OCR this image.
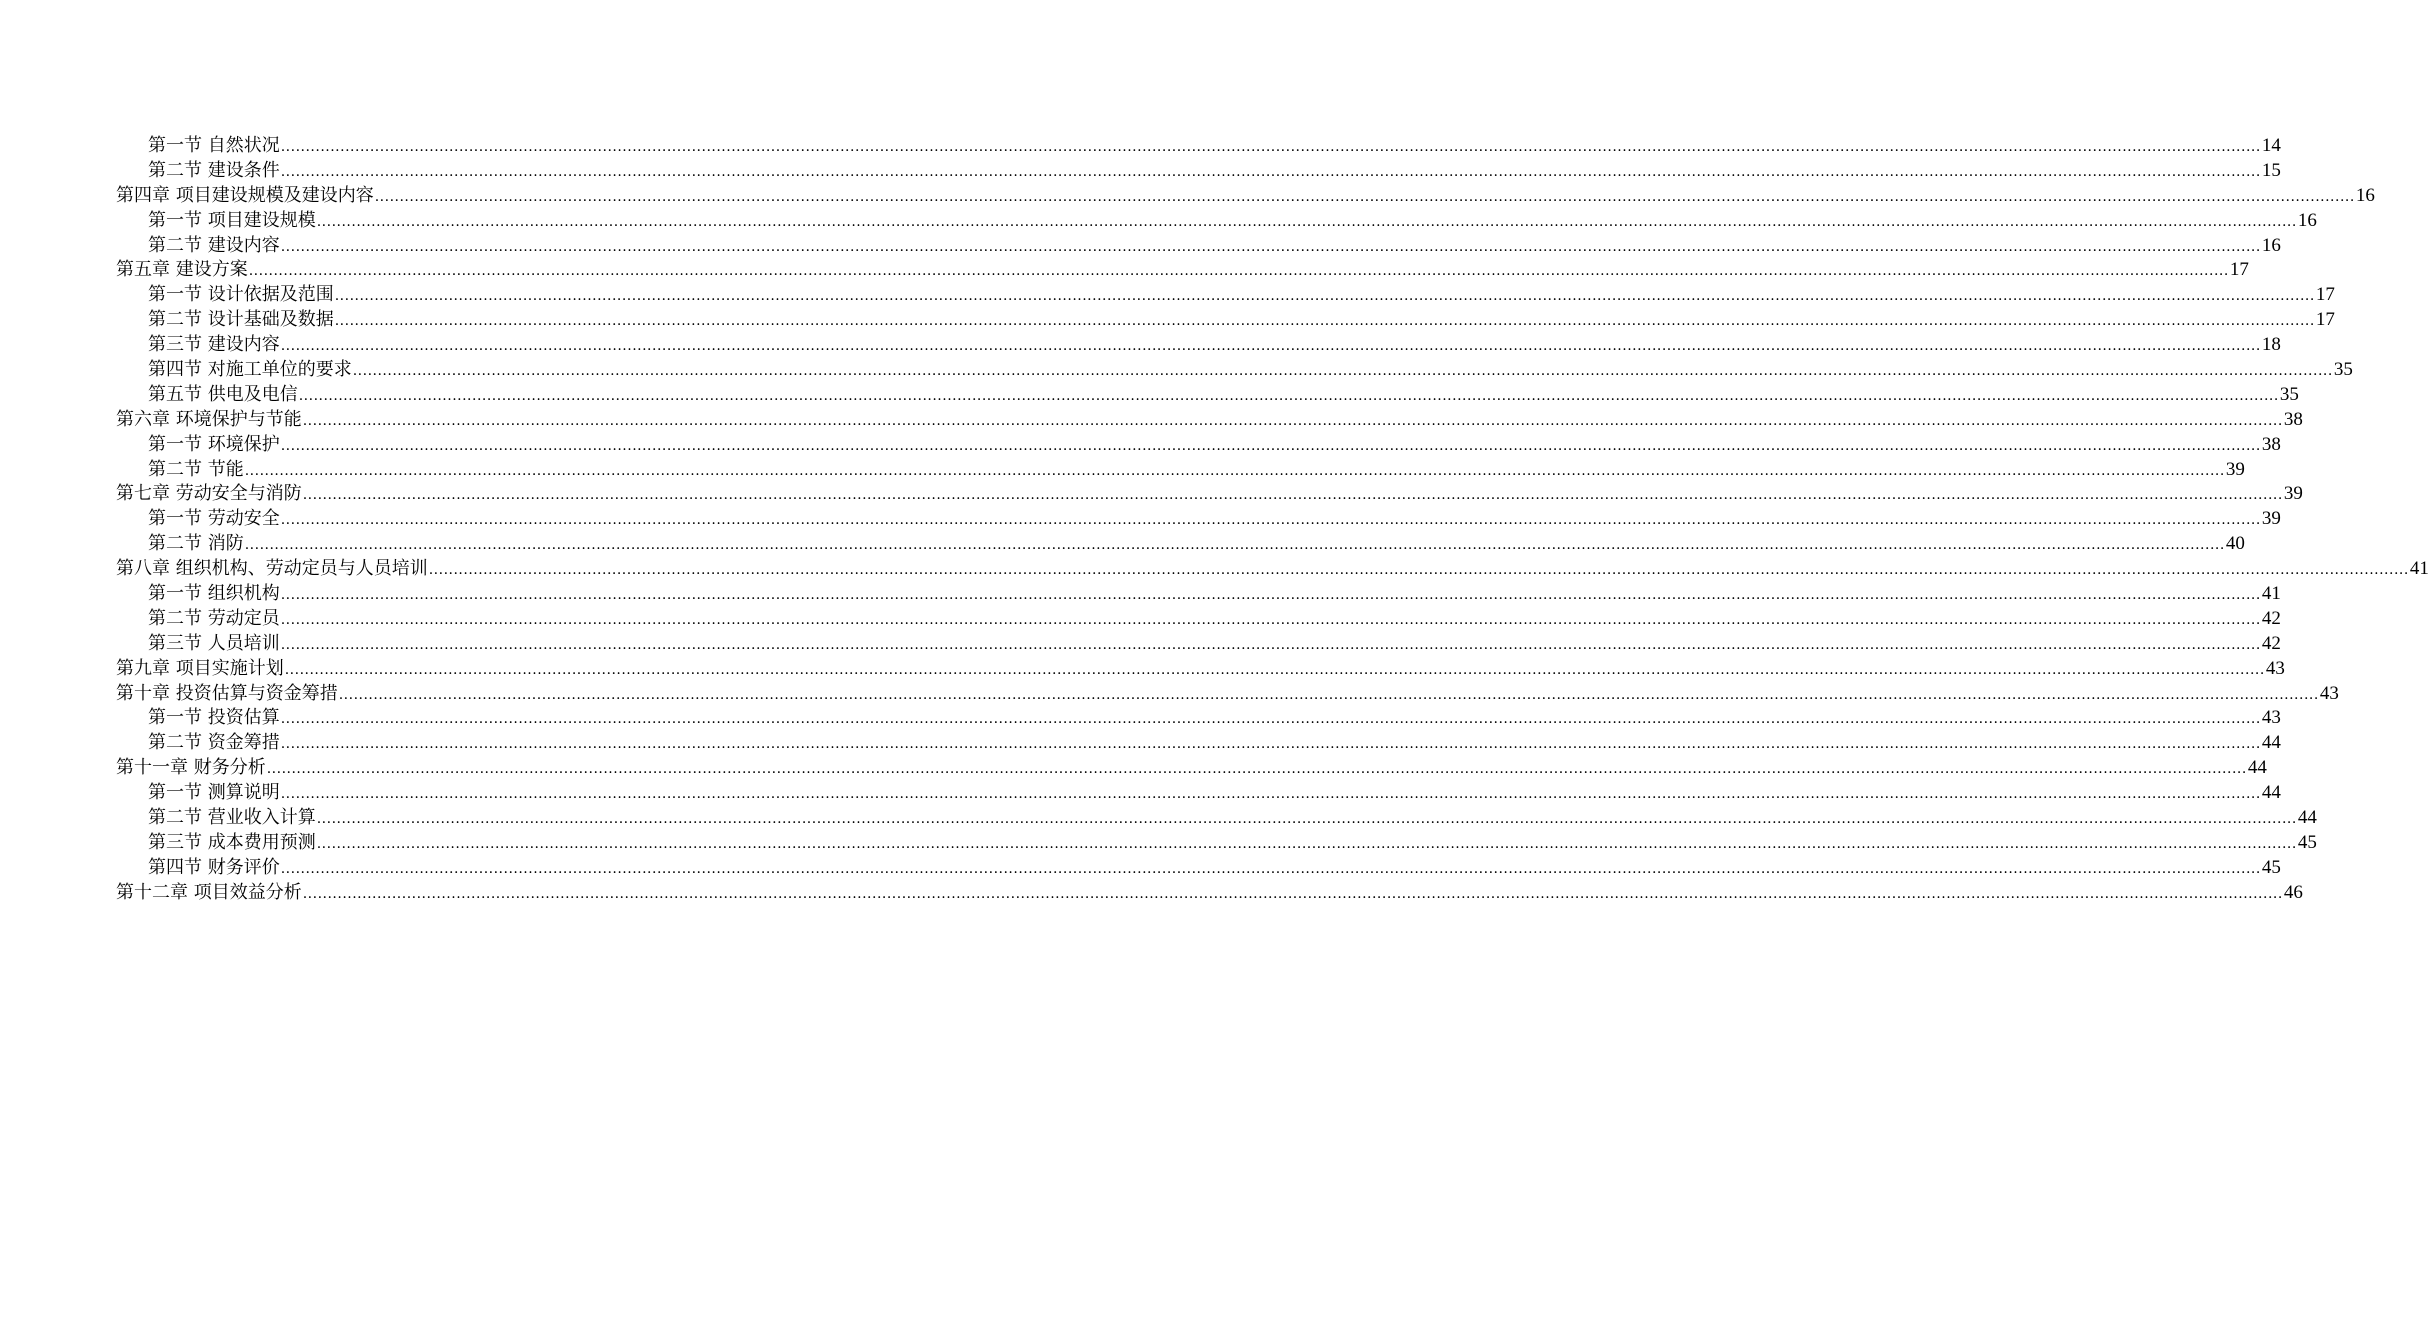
第一节 自然状况 ................................................................................................................................................................................................................................................................................................................................................................................................................ 14
第二节 建设条件 ................................................................................................................................................................................................................................................................................................................................................................................................................ 15
第四章 项目建设规模及建设内容 ................................................................................................................................................................................................................................................................................................................................................................................................................ 16
第一节 项目建设规模 ................................................................................................................................................................................................................................................................................................................................................................................................................ 16
第二节 建设内容 ................................................................................................................................................................................................................................................................................................................................................................................................................ 16
第五章 建设方案 ................................................................................................................................................................................................................................................................................................................................................................................................................ 17
第一节 设计依据及范围 ................................................................................................................................................................................................................................................................................................................................................................................................................ 17
第二节 设计基础及数据 ................................................................................................................................................................................................................................................................................................................................................................................................................ 17
第三节 建设内容 ................................................................................................................................................................................................................................................................................................................................................................................................................ 18
第四节 对施工单位的要求 ................................................................................................................................................................................................................................................................................................................................................................................................................ 35
第五节 供电及电信 ................................................................................................................................................................................................................................................................................................................................................................................................................ 35
第六章 环境保护与节能 ................................................................................................................................................................................................................................................................................................................................................................................................................ 38
第一节 环境保护 ................................................................................................................................................................................................................................................................................................................................................................................................................ 38
第二节 节能 ................................................................................................................................................................................................................................................................................................................................................................................................................ 39
第七章 劳动安全与消防 ................................................................................................................................................................................................................................................................................................................................................................................................................ 39
第一节 劳动安全 ................................................................................................................................................................................................................................................................................................................................................................................................................ 39
第二节 消防 ................................................................................................................................................................................................................................................................................................................................................................................................................ 40
第八章 组织机构、劳动定员与人员培训 ................................................................................................................................................................................................................................................................................................................................................................................................................ 41
第一节 组织机构 ................................................................................................................................................................................................................................................................................................................................................................................................................ 41
第二节 劳动定员 ................................................................................................................................................................................................................................................................................................................................................................................................................ 42
第三节 人员培训 ................................................................................................................................................................................................................................................................................................................................................................................................................ 42
第九章 项目实施计划 ................................................................................................................................................................................................................................................................................................................................................................................................................ 43
第十章 投资估算与资金筹措 ................................................................................................................................................................................................................................................................................................................................................................................................................ 43
第一节 投资估算 ................................................................................................................................................................................................................................................................................................................................................................................................................ 43
第二节 资金筹措 ................................................................................................................................................................................................................................................................................................................................................................................................................ 44
第十一章 财务分析 ................................................................................................................................................................................................................................................................................................................................................................................................................ 44
第一节 测算说明 ................................................................................................................................................................................................................................................................................................................................................................................................................ 44
第二节 营业收入计算 ................................................................................................................................................................................................................................................................................................................................................................................................................ 44
第三节 成本费用预测 ................................................................................................................................................................................................................................................................................................................................................................................................................ 45
第四节 财务评价 ................................................................................................................................................................................................................................................................................................................................................................................................................ 45
第十二章 项目效益分析 ................................................................................................................................................................................................................................................................................................................................................................................................................ 46
